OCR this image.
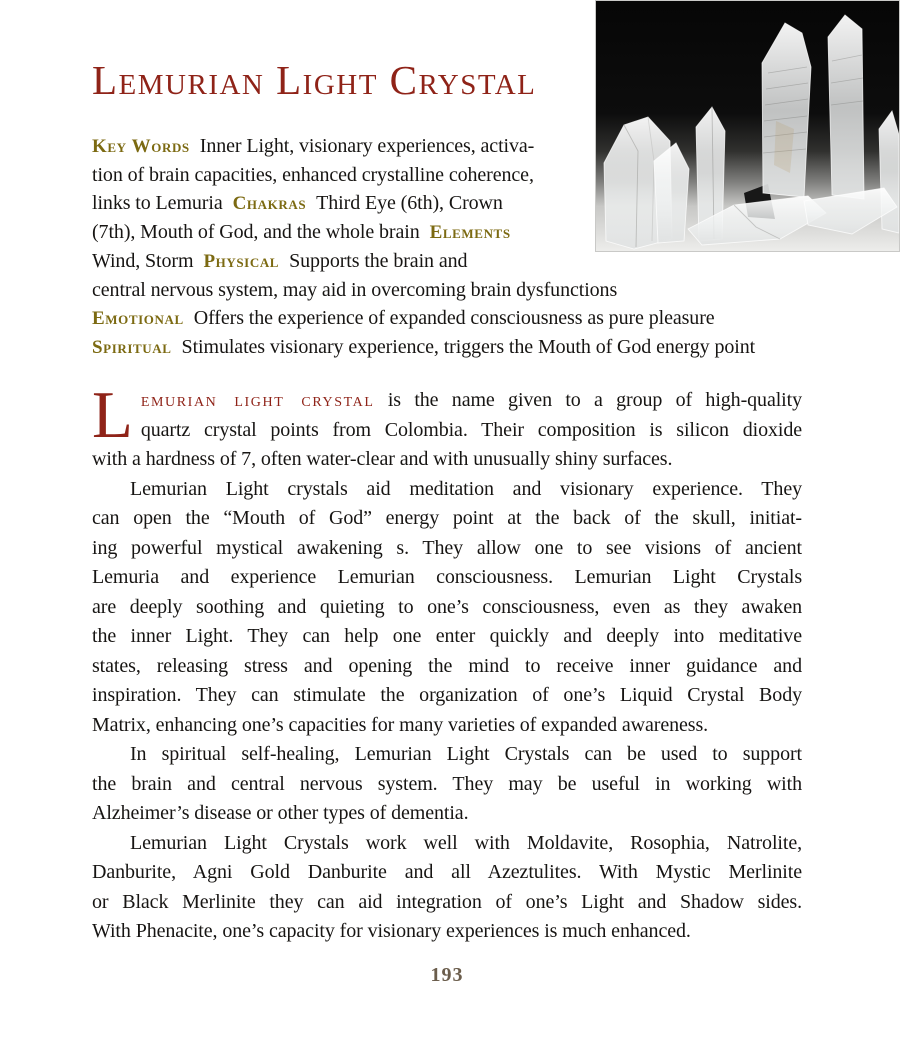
Lemurian Light Crystal
Key Words Inner Light, visionary experiences, activa-
tion of brain capacities, enhanced crystalline coherence,
links to Lemuria Chakras Third Eye (6th), Crown
(7th), Mouth of God, and the whole brain Elements
Wind, Storm Physical Supports the brain and
central nervous system, may aid in overcoming brain dysfunctions
Emotional Offers the experience of expanded consciousness as pure pleasure
Spiritual Stimulates visionary experience, triggers the Mouth of God energy point
L emurian light crystal is the name given to a group of high-quality
quartz crystal points from Colombia. Their composition is silicon dioxide
with a hardness of 7, often water-clear and with unusually shiny surfaces.
Lemurian Light crystals aid meditation and visionary experience. They
can open the “Mouth of God” energy point at the back of the skull, initiat-
ing powerful mystical awakening s. They allow one to see visions of ancient
Lemuria and experience Lemurian consciousness. Lemurian Light Crystals
are deeply soothing and quieting to one’s consciousness, even as they awaken
the inner Light. They can help one enter quickly and deeply into meditative
states, releasing stress and opening the mind to receive inner guidance and
inspiration. They can stimulate the organization of one’s Liquid Crystal Body
Matrix, enhancing one’s capacities for many varieties of expanded awareness.
In spiritual self-healing, Lemurian Light Crystals can be used to support
the brain and central nervous system. They may be useful in working with
Alzheimer’s disease or other types of dementia.
Lemurian Light Crystals work well with Moldavite, Rosophia, Natrolite,
Danburite, Agni Gold Danburite and all Azeztulites. With Mystic Merlinite
or Black Merlinite they can aid integration of one’s Light and Shadow sides.
With Phenacite, one’s capacity for visionary experiences is much enhanced.
193
